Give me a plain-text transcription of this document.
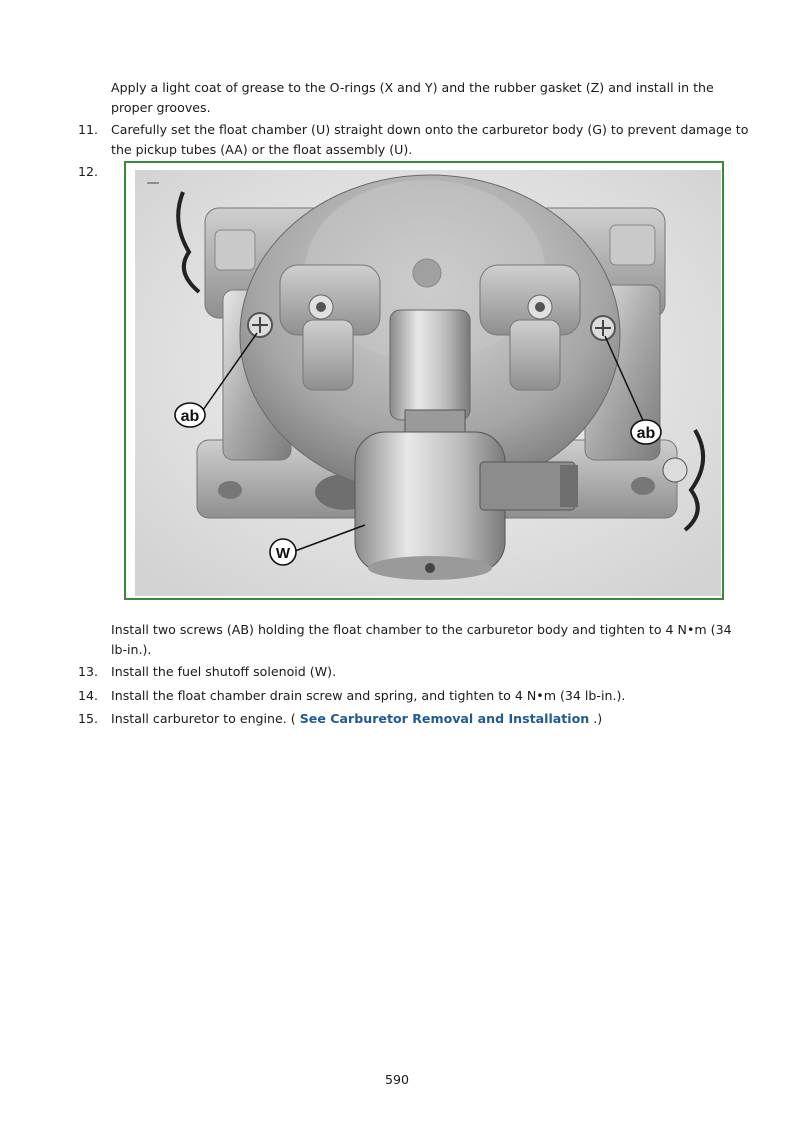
Apply a light coat of grease to the O-rings (X and Y) and the rubber gasket (Z) and install in the proper grooves.

11.	Carefully set the float chamber (U) straight down onto the carburetor body (G) to prevent damage to the pickup tubes (AA) or the float assembly (U).

12.
ab
ab
W

Install two screws (AB) holding the float chamber to the carburetor body and tighten to 4 N•m (34 lb-in.).

13.	Install the fuel shutoff solenoid (W).

14.	Install the float chamber drain screw and spring, and tighten to 4 N•m (34 lb-in.).

15.	Install carburetor to engine. ( See Carburetor Removal and Installation .)

590
